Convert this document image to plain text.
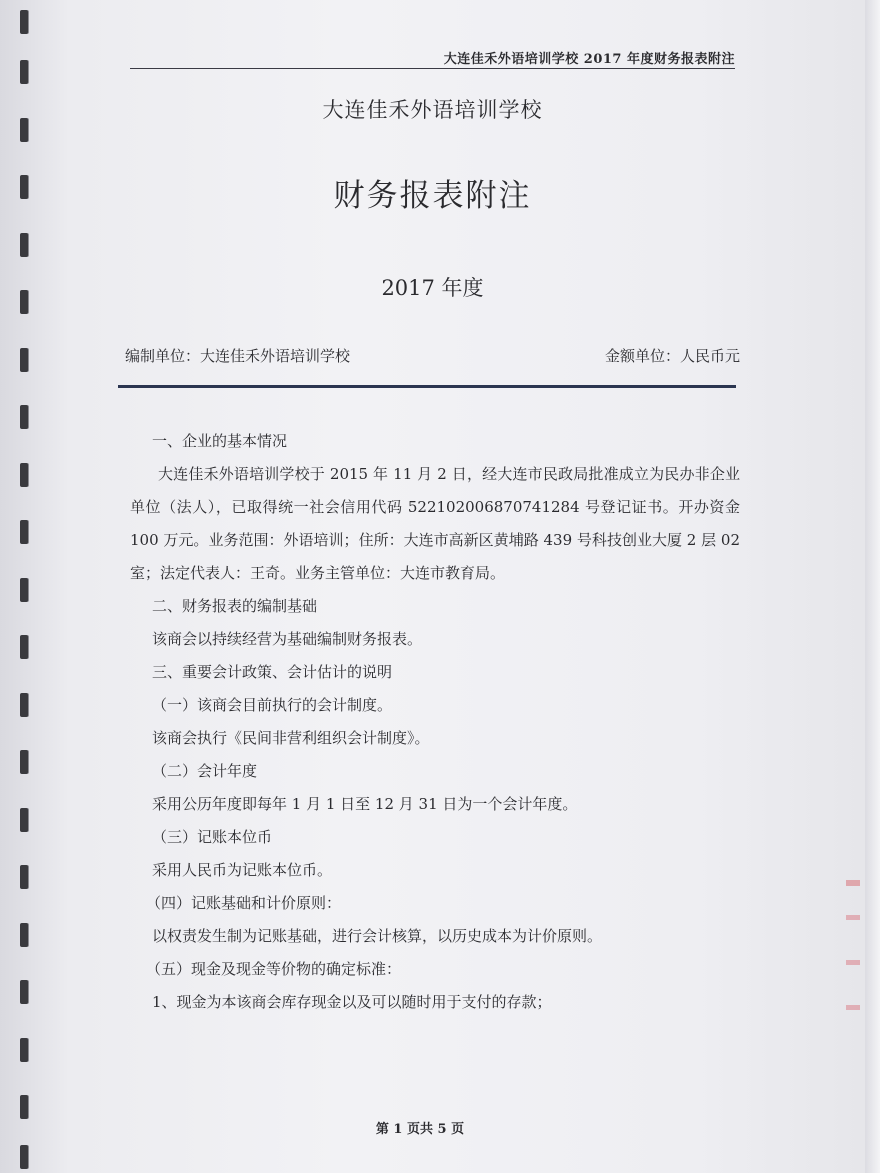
大连佳禾外语培训学校 2017 年度财务报表附注
大连佳禾外语培训学校
财务报表附注
2017 年度
编制单位：大连佳禾外语培训学校	金额单位：人民币元
一、企业的基本情况
大连佳禾外语培训学校于 2015 年 11 月 2 日，经大连市民政局批准成立为民办非企业单位（法人），已取得统一社会信用代码 522102006870741284 号登记证书。开办资金 100 万元。业务范围：外语培训；住所：大连市高新区黄埔路 439 号科技创业大厦 2 层 02 室；法定代表人：王奇。业务主管单位：大连市教育局。
二、财务报表的编制基础
该商会以持续经营为基础编制财务报表。
三、重要会计政策、会计估计的说明
（一）该商会目前执行的会计制度。
该商会执行《民间非营利组织会计制度》。
（二）会计年度
采用公历年度即每年 1 月 1 日至 12 月 31 日为一个会计年度。
（三）记账本位币
采用人民币为记账本位币。
（四）记账基础和计价原则：
以权责发生制为记账基础，进行会计核算，以历史成本为计价原则。
（五）现金及现金等价物的确定标准：
1、现金为本该商会库存现金以及可以随时用于支付的存款；
第 1 页共 5 页
